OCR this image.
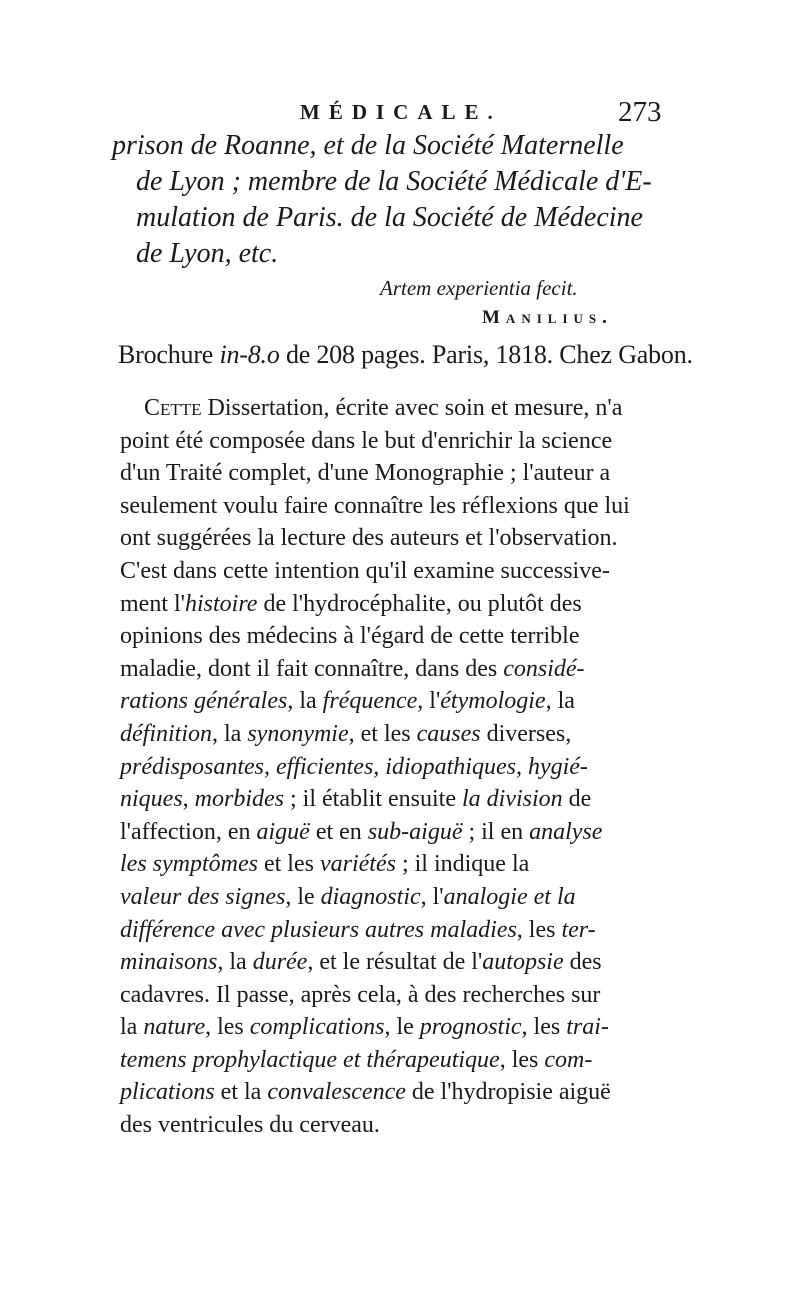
MÉDICALE.	273
prison de Roanne, et de la Société Maternelle
de Lyon ; membre de la Société Médicale d'E-
mulation de Paris. de la Société de Médecine
de Lyon, etc.
Artem experientia fecit.
Manilius.
Brochure in-8.o de 208 pages. Paris, 1818. Chez Gabon.
Cette Dissertation, écrite avec soin et mesure, n'a
point été composée dans le but d'enrichir la science
d'un Traité complet, d'une Monographie ; l'auteur a
seulement voulu faire connaître les réflexions que lui
ont suggérées la lecture des auteurs et l'observation.
C'est dans cette intention qu'il examine successive-
ment l'histoire de l'hydrocéphalite, ou plutôt des
opinions des médecins à l'égard de cette terrible
maladie, dont il fait connaître, dans des considé-
rations générales, la fréquence, l'étymologie, la
définition, la synonymie, et les causes diverses,
prédisposantes, efficientes, idiopathiques, hygié-
niques, morbides ; il établit ensuite la division de
l'affection, en aiguë et en sub-aiguë ; il en analyse
les symptômes et les variétés ; il indique la
valeur des signes, le diagnostic, l'analogie et la
différence avec plusieurs autres maladies, les ter-
minaisons, la durée, et le résultat de l'autopsie des
cadavres. Il passe, après cela, à des recherches sur
la nature, les complications, le prognostic, les trai-
temens prophylactique et thérapeutique, les com-
plications et la convalescence de l'hydropisie aiguë
des ventricules du cerveau.
